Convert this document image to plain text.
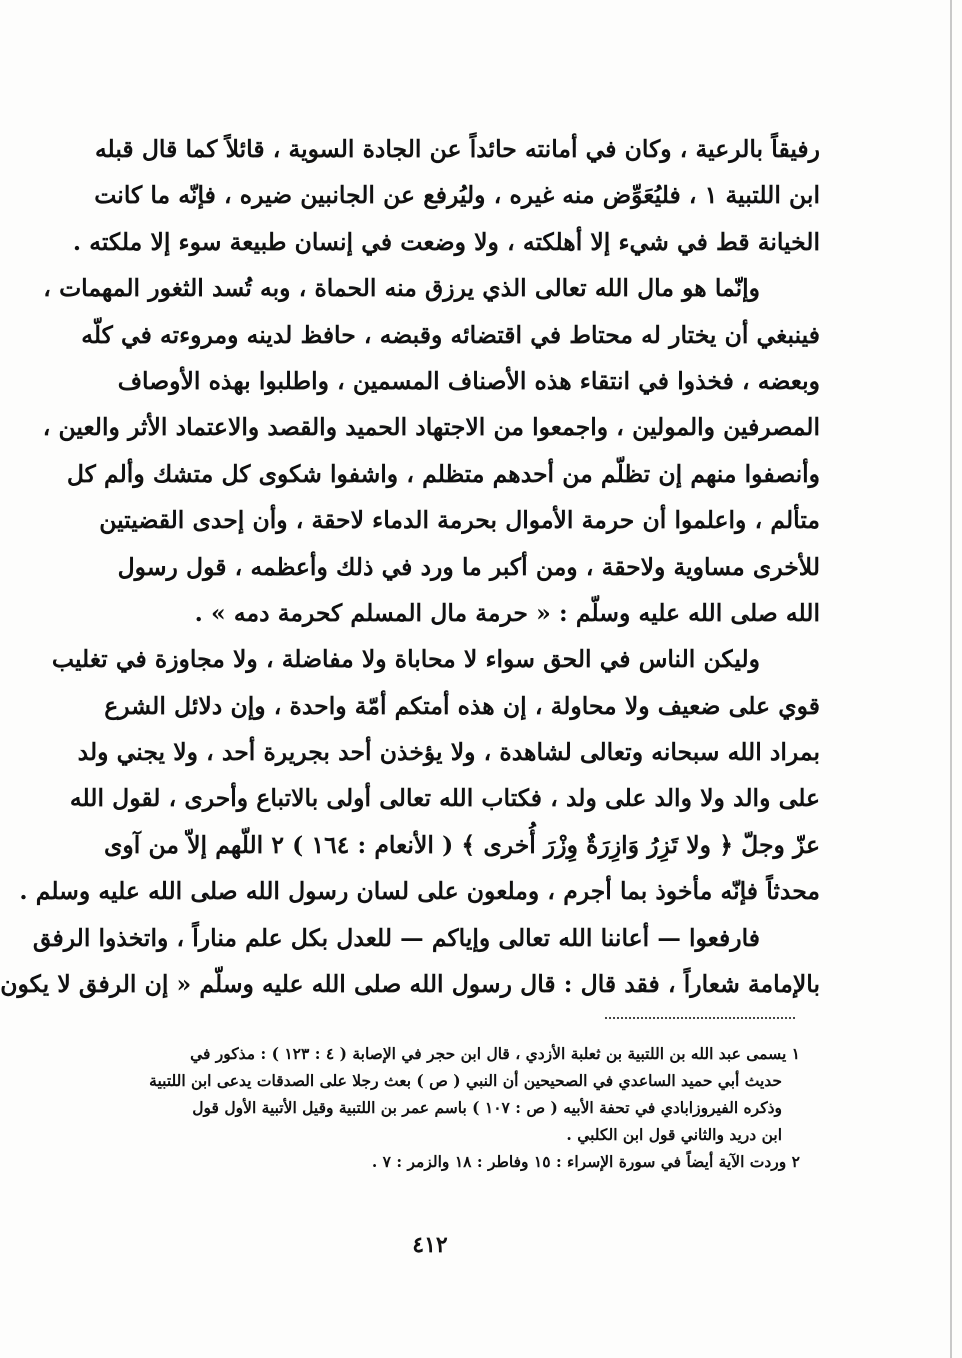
رفيقاً بالرعية ، وكان في أمانته حائداً عن الجادة السوية ، قائلاً كما قال قبله
ابن اللتبية ١ ، فليُعَوِّض منه غيره ، وليُرفع عن الجانبين ضيره ، فإنّه ما كانت
الخيانة قط في شيء إلا أهلكته ، ولا وضعت في إنسان طبيعة سوء إلا ملكته .
وإنّما هو مال الله تعالى الذي يرزق منه الحماة ، وبه تُسد الثغور المهمات ،
فينبغي أن يختار له محتاط في اقتضائه وقبضه ، حافظ لدينه ومروءته في كلّه
وبعضه ، فخذوا في انتقاء هذه الأصناف المسمين ، واطلبوا بهذه الأوصاف
المصرفين والمولين ، واجمعوا من الاجتهاد الحميد والقصد والاعتماد الأثر والعين ،
وأنصفوا منهم إن تظلّم من أحدهم متظلم ، واشفوا شكوى كل متشك وألم كل
متألم ، واعلموا أن حرمة الأموال بحرمة الدماء لاحقة ، وأن إحدى القضيتين
للأخرى مساوية ولاحقة ، ومن أكبر ما ورد في ذلك وأعظمه ، قول رسول
الله صلى الله عليه وسلّم : « حرمة مال المسلم كحرمة دمه » .
وليكن الناس في الحق سواء لا محاباة ولا مفاضلة ، ولا مجاوزة في تغليب
قوي على ضعيف ولا محاولة ، إن هذه أمتكم أمّة واحدة ، وإن دلائل الشرع
بمراد الله سبحانه وتعالى لشاهدة ، ولا يؤخذن أحد بجريرة أحد ، ولا يجني ولد
على والد ولا والد على ولد ، فكتاب الله تعالى أولى بالاتباع وأحرى ، لقول الله
عزّ وجلّ ﴿ ولا تَزِرُ وَازِرَةٌ وِزْرَ أُخرى ﴾ ( الأنعام : ١٦٤ ) ٢ اللّهم إلاّ من آوى
محدثاً فإنّه مأخوذ بما أجرم ، وملعون على لسان رسول الله صلى الله عليه وسلم .
فارفعوا — أعاننا الله تعالى وإياكم — للعدل بكل علم مناراً ، واتخذوا الرفق
بالإمامة شعاراً ، فقد قال : قال رسول الله صلى الله عليه وسلّم « إن الرفق لا يكون
١ يسمى عبد الله بن اللتبية بن ثعلبة الأزدي ، قال ابن حجر في الإصابة ( ٤ : ١٢٣ ) : مذكور في
حديث أبي حميد الساعدي في الصحيحين أن النبي ( ص ) بعث رجلا على الصدقات يدعى ابن اللتبية
وذكره الفيروزابادي في تحفة الأبيه ( ص : ١٠٧ ) باسم عمر بن اللتبية وقيل الأتبية الأول قول
ابن دريد والثاني قول ابن الكلبي .
٢ وردت الآية أيضاً في سورة الإسراء : ١٥ وفاطر : ١٨ والزمر : ٧ .
٤١٢
